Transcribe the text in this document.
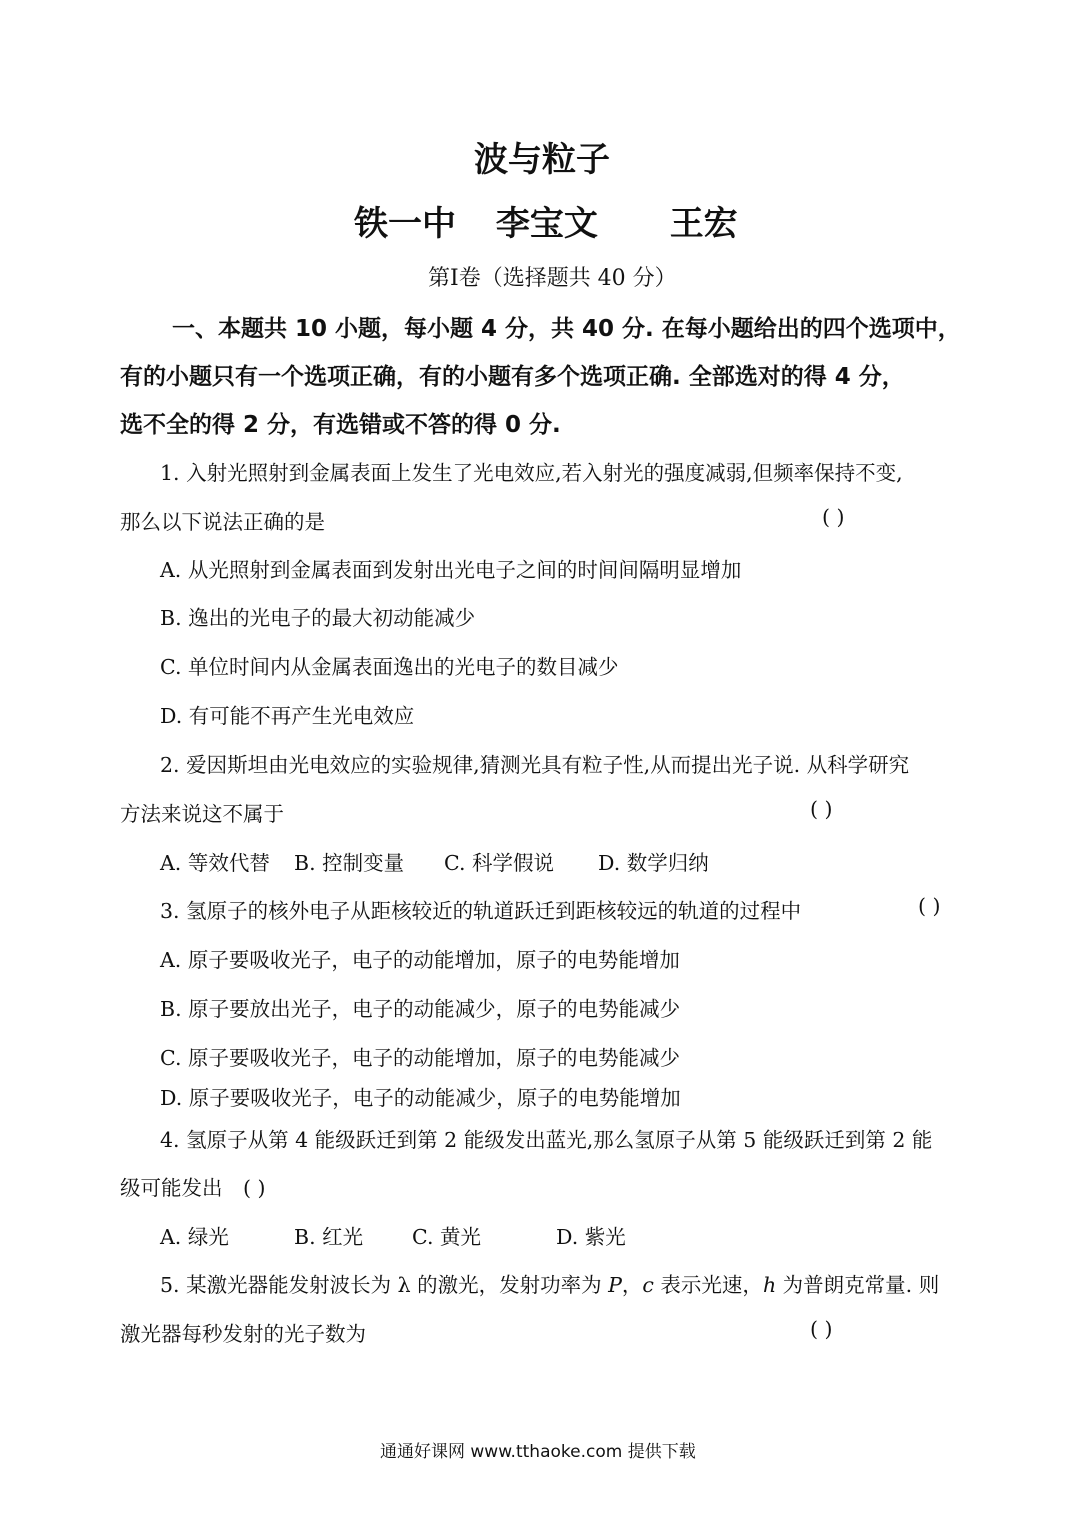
波与粒子
铁一中 李宝文 王宏
第Ⅰ卷（选择题共 40 分）
一、本题共 10 小题，每小题 4 分，共 40 分. 在每小题给出的四个选项中，
有的小题只有一个选项正确，有的小题有多个选项正确. 全部选对的得 4 分，
选不全的得 2 分，有选错或不答的得 0 分.
1. 入射光照射到金属表面上发生了光电效应,若入射光的强度减弱,但频率保持不变,
那么以下说法正确的是	( )
A. 从光照射到金属表面到发射出光电子之间的时间间隔明显增加
B. 逸出的光电子的最大初动能减少
C. 单位时间内从金属表面逸出的光电子的数目减少
D. 有可能不再产生光电效应
2. 爱因斯坦由光电效应的实验规律,猜测光具有粒子性,从而提出光子说. 从科学研究
方法来说这不属于	( )
A. 等效代替 B. 控制变量 C. 科学假说 D. 数学归纳
3. 氢原子的核外电子从距核较近的轨道跃迁到距核较远的轨道的过程中	( )
A. 原子要吸收光子，电子的动能增加，原子的电势能增加
B. 原子要放出光子，电子的动能减少，原子的电势能减少
C. 原子要吸收光子，电子的动能增加，原子的电势能减少
D. 原子要吸收光子，电子的动能减少，原子的电势能增加
4. 氢原子从第 4 能级跃迁到第 2 能级发出蓝光,那么氢原子从第 5 能级跃迁到第 2 能
级可能发出 ( )
A. 绿光	B. 红光 C. 黄光	D. 紫光
5. 某激光器能发射波长为 λ 的激光，发射功率为 P，c 表示光速，h 为普朗克常量. 则
激光器每秒发射的光子数为	( )
通通好课网 www.tthaoke.com 提供下载
